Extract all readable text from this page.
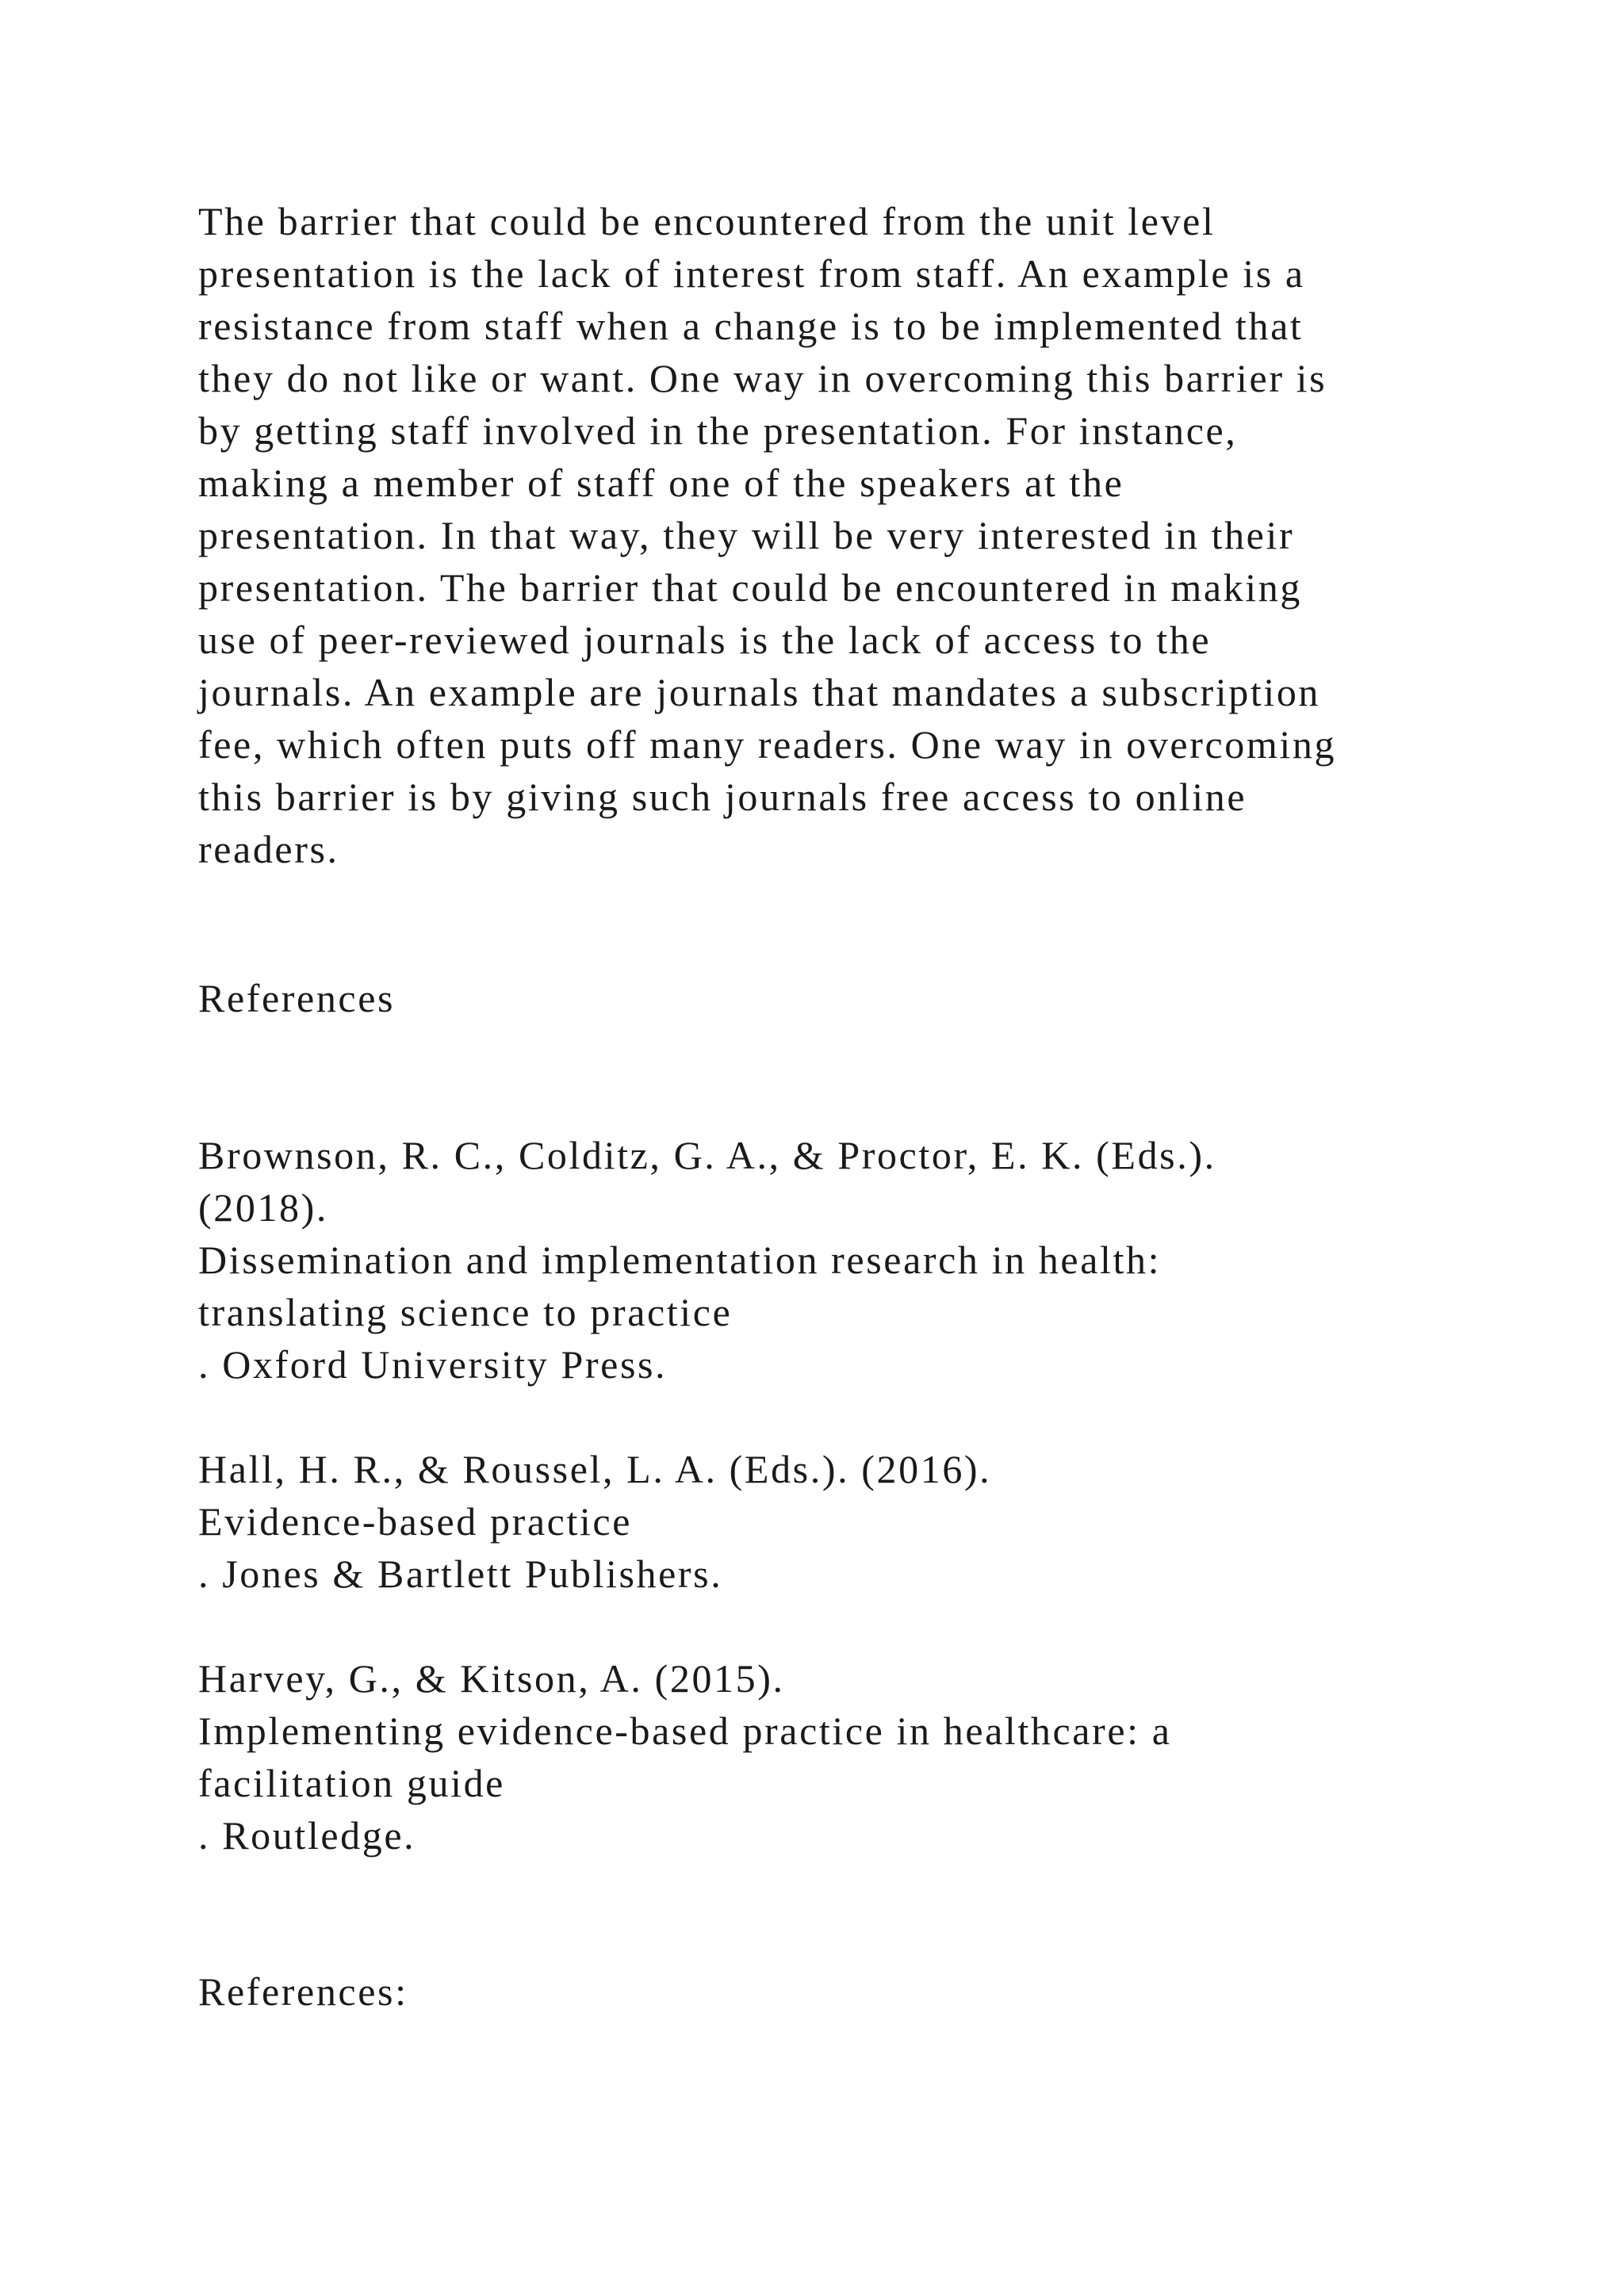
The barrier that could be encountered from the unit level
presentation is the lack of interest from staff. An example is a
resistance from staff when a change is to be implemented that
they do not like or want. One way in overcoming this barrier is
by getting staff involved in the presentation. For instance,
making a member of staff one of the speakers at the
presentation. In that way, they will be very interested in their
presentation. The barrier that could be encountered in making
use of peer-reviewed journals is the lack of access to the
journals. An example are journals that mandates a subscription
fee, which often puts off many readers. One way in overcoming
this barrier is by giving such journals free access to online
readers.
References
Brownson, R. C., Colditz, G. A., & Proctor, E. K. (Eds.).
(2018).
Dissemination and implementation research in health:
translating science to practice
. Oxford University Press.
Hall, H. R., & Roussel, L. A. (Eds.). (2016).
Evidence-based practice
. Jones & Bartlett Publishers.
Harvey, G., & Kitson, A. (2015).
Implementing evidence-based practice in healthcare: a
facilitation guide
. Routledge.
References:
